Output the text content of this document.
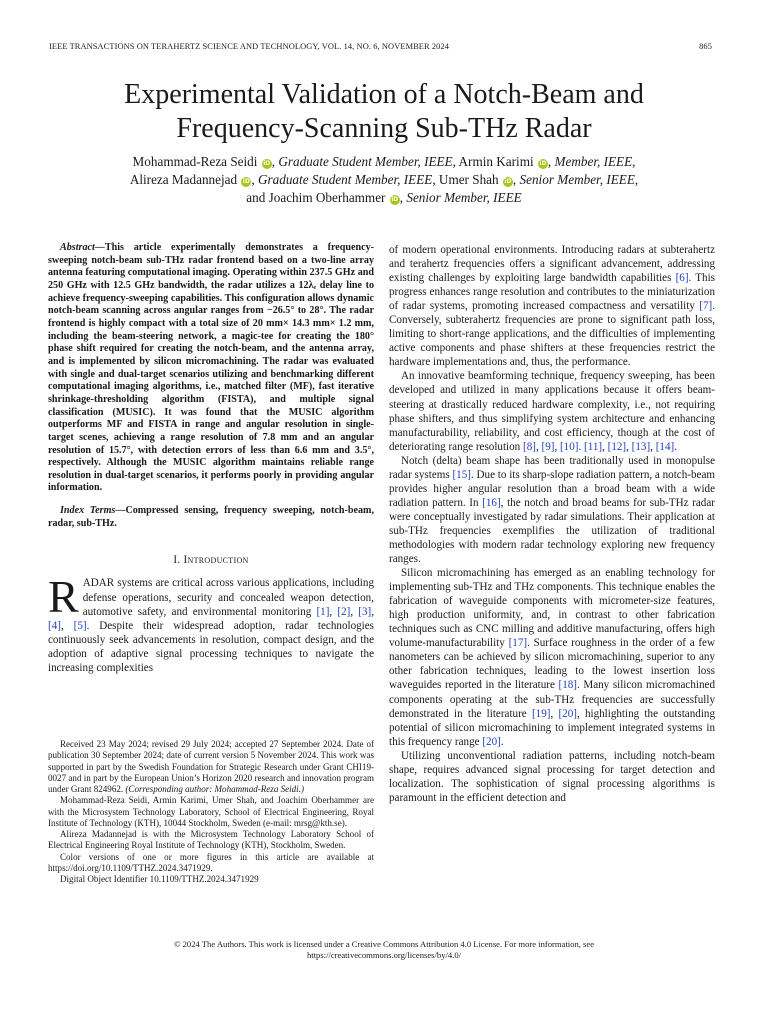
IEEE TRANSACTIONS ON TERAHERTZ SCIENCE AND TECHNOLOGY, VOL. 14, NO. 6, NOVEMBER 2024	865
Experimental Validation of a Notch-Beam and
Frequency-Scanning Sub-THz Radar
Mohammad-Reza Seidi iD, Graduate Student Member, IEEE, Armin Karimi iD, Member, IEEE,
Alireza Madannejad iD, Graduate Student Member, IEEE, Umer Shah iD, Senior Member, IEEE,
and Joachim Oberhammer iD, Senior Member, IEEE

Abstract—This article experimentally demonstrates a frequency-sweeping notch-beam sub-THz radar frontend based on a two-line array antenna featuring computational imaging. Operating within 237.5 GHz and 250 GHz with 12.5 GHz bandwidth, the radar utilizes a 12λₑ delay line to achieve frequency-sweeping capabilities. This configuration allows dynamic notch-beam scanning across angular ranges from −26.5° to 28°. The radar frontend is highly compact with a total size of 20 mm× 14.3 mm× 1.2 mm, including the beam-steering network, a magic-tee for creating the 180° phase shift required for creating the notch-beam, and the antenna array, and is implemented by silicon micromachining. The radar was evaluated with single and dual-target scenarios utilizing and benchmarking different computational imaging algorithms, i.e., matched filter (MF), fast iterative shrinkage-thresholding algorithm (FISTA), and multiple signal classification (MUSIC). It was found that the MUSIC algorithm outperforms MF and FISTA in range and angular resolution in single-target scenes, achieving a range resolution of 7.8 mm and an angular resolution of 15.7°, with detection errors of less than 6.6 mm and 3.5°, respectively. Although the MUSIC algorithm maintains reliable range resolution in dual-target scenarios, it performs poorly in providing angular information.

Index Terms—Compressed sensing, frequency sweeping, notch-beam, radar, sub-THz.

I. Introduction

RADAR systems are critical across various applications, including defense operations, security and concealed weapon detection, automotive safety, and environmental monitoring [1], [2], [3], [4], [5]. Despite their widespread adoption, radar technologies continuously seek advancements in resolution, compact design, and the adoption of adaptive signal processing techniques to navigate the increasing complexities

Received 23 May 2024; revised 29 July 2024; accepted 27 September 2024. Date of publication 30 September 2024; date of current version 5 November 2024. This work was supported in part by the Swedish Foundation for Strategic Research under Grant CHI19-0027 and in part by the European Union’s Horizon 2020 research and innovation program under Grant 824962. (Corresponding author: Mohammad-Reza Seidi.)

Mohammad-Reza Seidi, Armin Karimi, Umer Shah, and Joachim Oberhammer are with the Microsystem Technology Laboratory, School of Electrical Engineering, Royal Institute of Technology (KTH), 10044 Stockholm, Sweden (e-mail: mrsg@kth.se).

Alireza Madannejad is with the Microsystem Technology Laboratory School of Electrical Engineering Royal Institute of Technology (KTH), Stockholm, Sweden.

Color versions of one or more figures in this article are available at https://doi.org/10.1109/TTHZ.2024.3471929.

Digital Object Identifier 10.1109/TTHZ.2024.3471929

of modern operational environments. Introducing radars at subterahertz and terahertz frequencies offers a significant advancement, addressing existing challenges by exploiting large bandwidth capabilities [6]. This progress enhances range resolution and contributes to the miniaturization of radar systems, promoting increased compactness and versatility [7]. Conversely, subterahertz frequencies are prone to significant path loss, limiting to short-range applications, and the difficulties of implementing active components and phase shifters at these frequencies restrict the hardware implementations and, thus, the performance.

An innovative beamforming technique, frequency sweeping, has been developed and utilized in many applications because it offers beam-steering at drastically reduced hardware complexity, i.e., not requiring phase shifters, and thus simplifying system architecture and enhancing manufacturability, reliability, and cost efficiency, though at the cost of deteriorating range resolution [8], [9], [10]. [11], [12], [13], [14].

Notch (delta) beam shape has been traditionally used in monopulse radar systems [15]. Due to its sharp-slope radiation pattern, a notch-beam provides higher angular resolution than a broad beam with a wide radiation pattern. In [16], the notch and broad beams for sub-THz radar were conceptually investigated by radar simulations. Their application at sub-THz frequencies exemplifies the utilization of traditional methodologies with modern radar technology exploring new frequency ranges.

Silicon micromachining has emerged as an enabling technology for implementing sub-THz and THz components. This technique enables the fabrication of waveguide components with micrometer-size features, high production uniformity, and, in contrast to other fabrication techniques such as CNC milling and additive manufacturing, offers high volume-manufacturability [17]. Surface roughness in the order of a few nanometers can be achieved by silicon micromachining, superior to any other fabrication techniques, leading to the lowest insertion loss waveguides reported in the literature [18]. Many silicon micromachined components operating at the sub-THz frequencies are successfully demonstrated in the literature [19], [20], highlighting the outstanding potential of silicon micromachining to implement integrated systems in this frequency range [20].

Utilizing unconventional radiation patterns, including notch-beam shape, requires advanced signal processing for target detection and localization. The sophistication of signal processing algorithms is paramount in the efficient detection and

© 2024 The Authors. This work is licensed under a Creative Commons Attribution 4.0 License. For more information, see
https://creativecommons.org/licenses/by/4.0/
